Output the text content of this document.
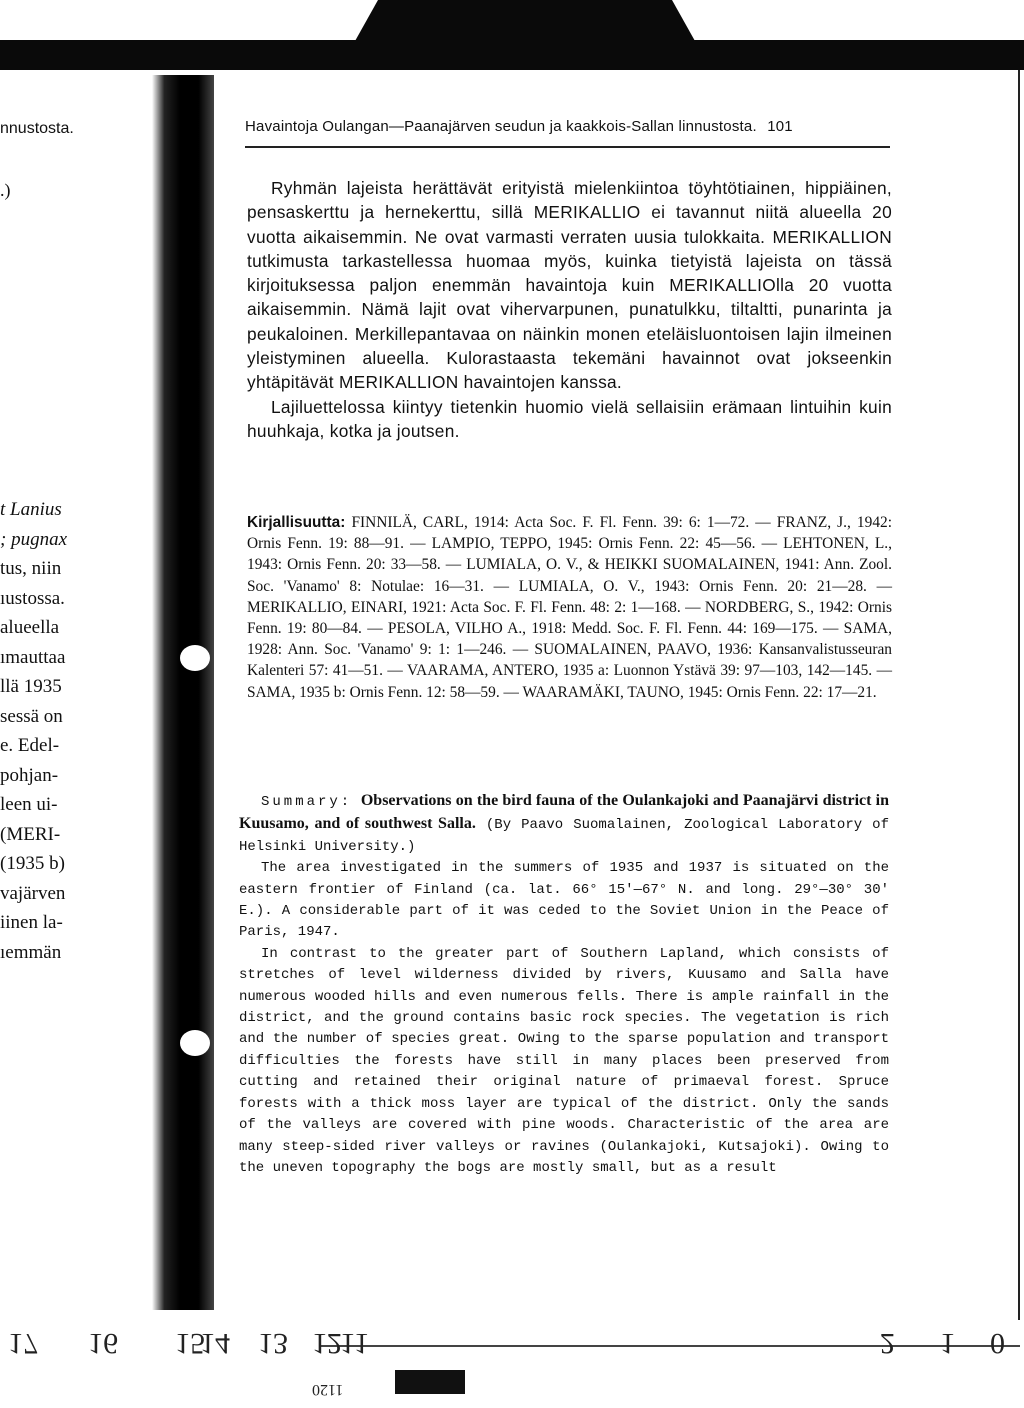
nnustosta.
.)
t Lanius
; pugnax
tus, niin
ıustossa.
alueella
ımauttaa
llä 1935
sessä on
e. Edel-
pohjan-
leen ui-
(MERI-
(1935 b)
vajärven
iinen la-
ıemmän
Havaintoja Oulangan—Paanajärven seudun ja kaakkois-Sallan linnustosta. 101

Ryhmän lajeista herättävät erityistä mielenkiintoa töyhtötiainen, hippiäinen, pensaskerttu ja hernekerttu, sillä MERIKALLIO ei tavannut niitä alueella 20 vuotta aikaisemmin. Ne ovat varmasti verraten uusia tulokkaita. MERIKALLION tutkimusta tarkastellessa huomaa myös, kuinka tietyistä lajeista on tässä kirjoituksessa paljon enemmän havaintoja kuin MERIKALLIOlla 20 vuotta aikaisemmin. Nämä lajit ovat vihervarpunen, punatulkku, tiltaltti, punarinta ja peukaloinen. Merkillepantavaa on näinkin monen eteläisluontoisen lajin ilmeinen yleistyminen alueella. Kulorastaasta tekemäni havainnot ovat jokseenkin yhtäpitävät MERIKALLION havaintojen kanssa.

Lajiluettelossa kiintyy tietenkin huomio vielä sellaisiin erämaan lintuihin kuin huuhkaja, kotka ja joutsen.

Kirjallisuutta: FINNILÄ, CARL, 1914: Acta Soc. F. Fl. Fenn. 39: 6: 1—72. — FRANZ, J., 1942: Ornis Fenn. 19: 88—91. — LAMPIO, TEPPO, 1945: Ornis Fenn. 22: 45—56. — LEHTONEN, L., 1943: Ornis Fenn. 20: 33—58. — LUMIALA, O. V., & HEIKKI SUOMALAINEN, 1941: Ann. Zool. Soc. 'Vanamo' 8: Notulae: 16—31. — LUMIALA, O. V., 1943: Ornis Fenn. 20: 21—28. — MERIKALLIO, EINARI, 1921: Acta Soc. F. Fl. Fenn. 48: 2: 1—168. — NORDBERG, S., 1942: Ornis Fenn. 19: 80—84. — PESOLA, VILHO A., 1918: Medd. Soc. F. Fl. Fenn. 44: 169—175. — SAMA, 1928: Ann. Soc. 'Vanamo' 9: 1: 1—246. — SUOMALAINEN, PAAVO, 1936: Kansanvalistusseuran Kalenteri 57: 41—51. — VAARAMA, ANTERO, 1935 a: Luonnon Ystävä 39: 97—103, 142—145. — SAMA, 1935 b: Ornis Fenn. 12: 58—59. — WAARAMÄKI, TAUNO, 1945: Ornis Fenn. 22: 17—21.

Summary: Observations on the bird fauna of the Oulankajoki and Paanajärvi district in Kuusamo, and of southwest Salla. (By Paavo Suomalainen, Zoological Laboratory of Helsinki University.)

The area investigated in the summers of 1935 and 1937 is situated on the eastern frontier of Finland (ca. lat. 66° 15′—67° N. and long. 29°—30° 30′ E.). A considerable part of it was ceded to the Soviet Union in the Peace of Paris, 1947.

In contrast to the greater part of Southern Lapland, which consists of stretches of level wilderness divided by rivers, Kuusamo and Salla have numerous wooded hills and even numerous fells. There is ample rainfall in the district, and the ground contains basic rock species. The vegetation is rich and the number of species great. Owing to the sparse population and transport difficulties the forests have still in many places been preserved from cutting and retained their original nature of primaeval forest. Spruce forests with a thick moss layer are typical of the district. Only the sands of the valleys are covered with pine woods. Characteristic of the area are many steep-sided river valleys or ravines (Oulankajoki, Kutsajoki). Owing to the uneven topography the bogs are mostly small, but as a result

17 16 15
14 13 12
11	2 1 0
1120
